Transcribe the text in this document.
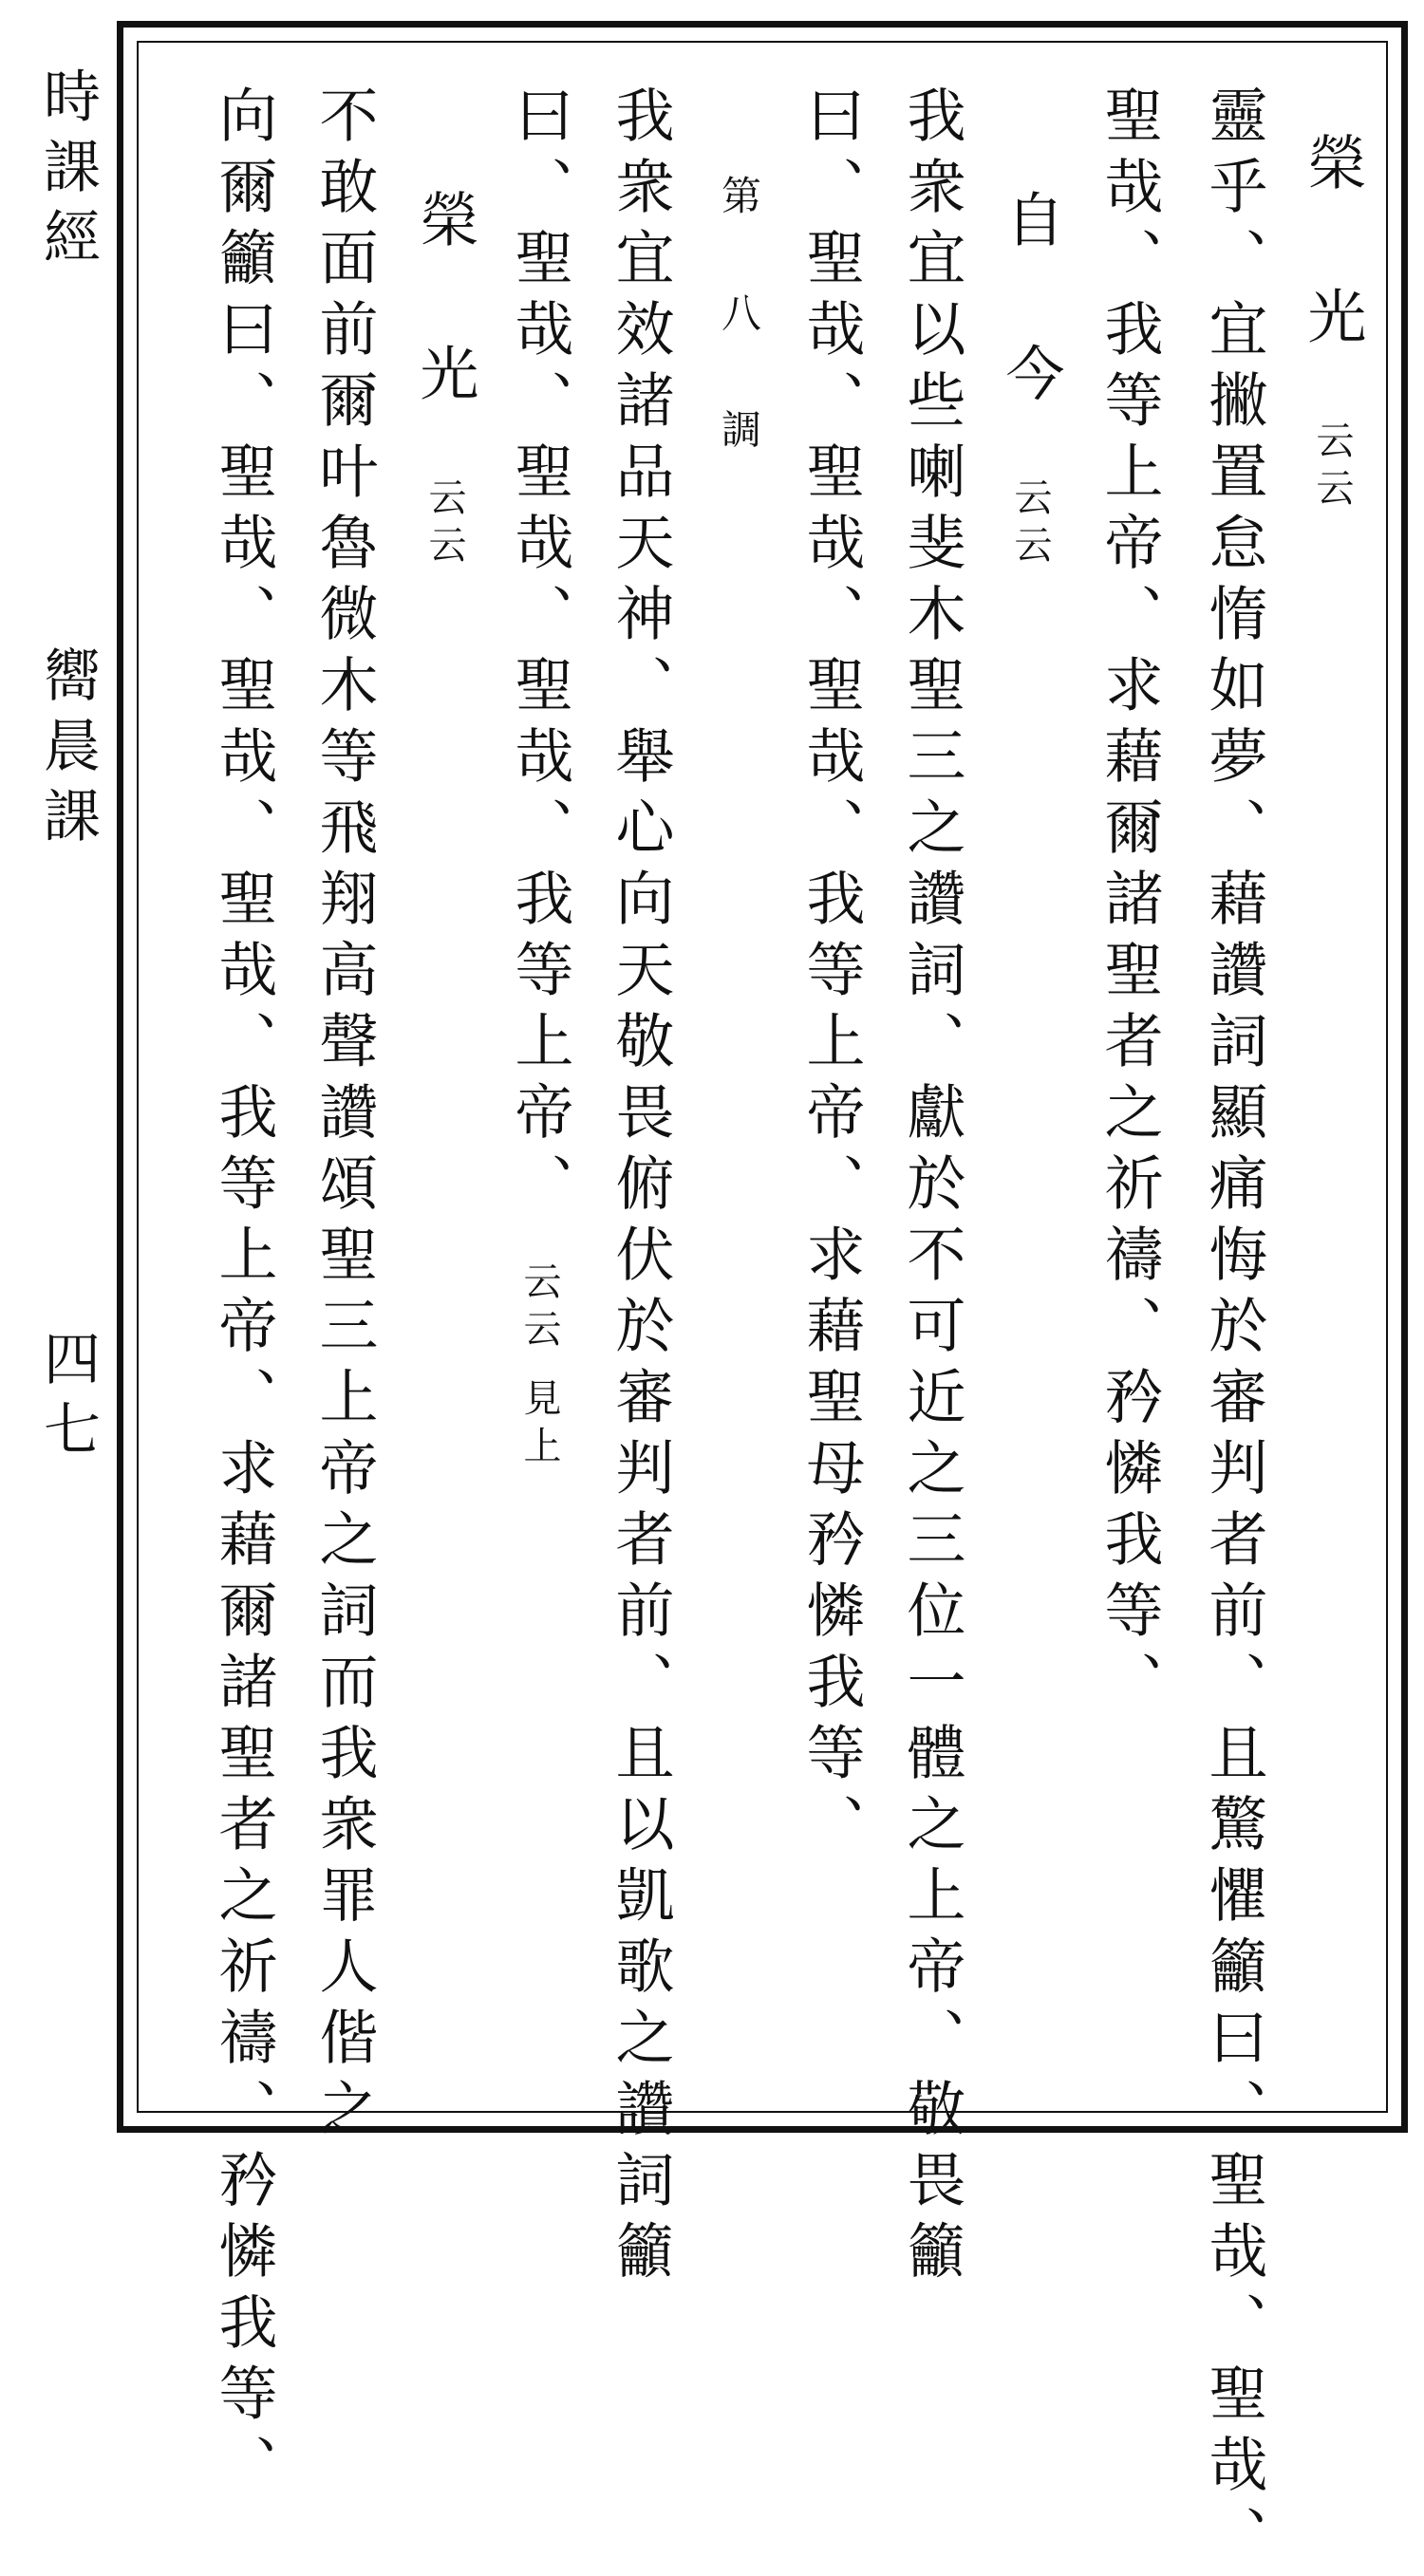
時課經
嚮晨課
四七
榮 光云云
靈乎、宜撇置怠惰如夢、藉讚詞顯痛悔於審判者前、且驚懼籲曰、聖哉、聖哉、
聖哉、我等上帝、求藉爾諸聖者之祈禱、矜憐我等、
自 今云云
我衆宜以些喇斐木聖三之讚詞、獻於不可近之三位一體之上帝、敬畏籲
曰、聖哉、聖哉、聖哉、我等上帝、求藉聖母矜憐我等、
第 八 調
我衆宜效諸品天神、舉心向天敬畏俯伏於審判者前、且以凱歌之讚詞籲
曰、聖哉、聖哉、聖哉、我等上帝、云云 見上
榮 光云云
不敢面前爾叶魯微木等飛翔高聲讚頌聖三上帝之詞而我衆罪人偕之
向爾籲曰、聖哉、聖哉、聖哉、我等上帝、求藉爾諸聖者之祈禱、矜憐我等、
